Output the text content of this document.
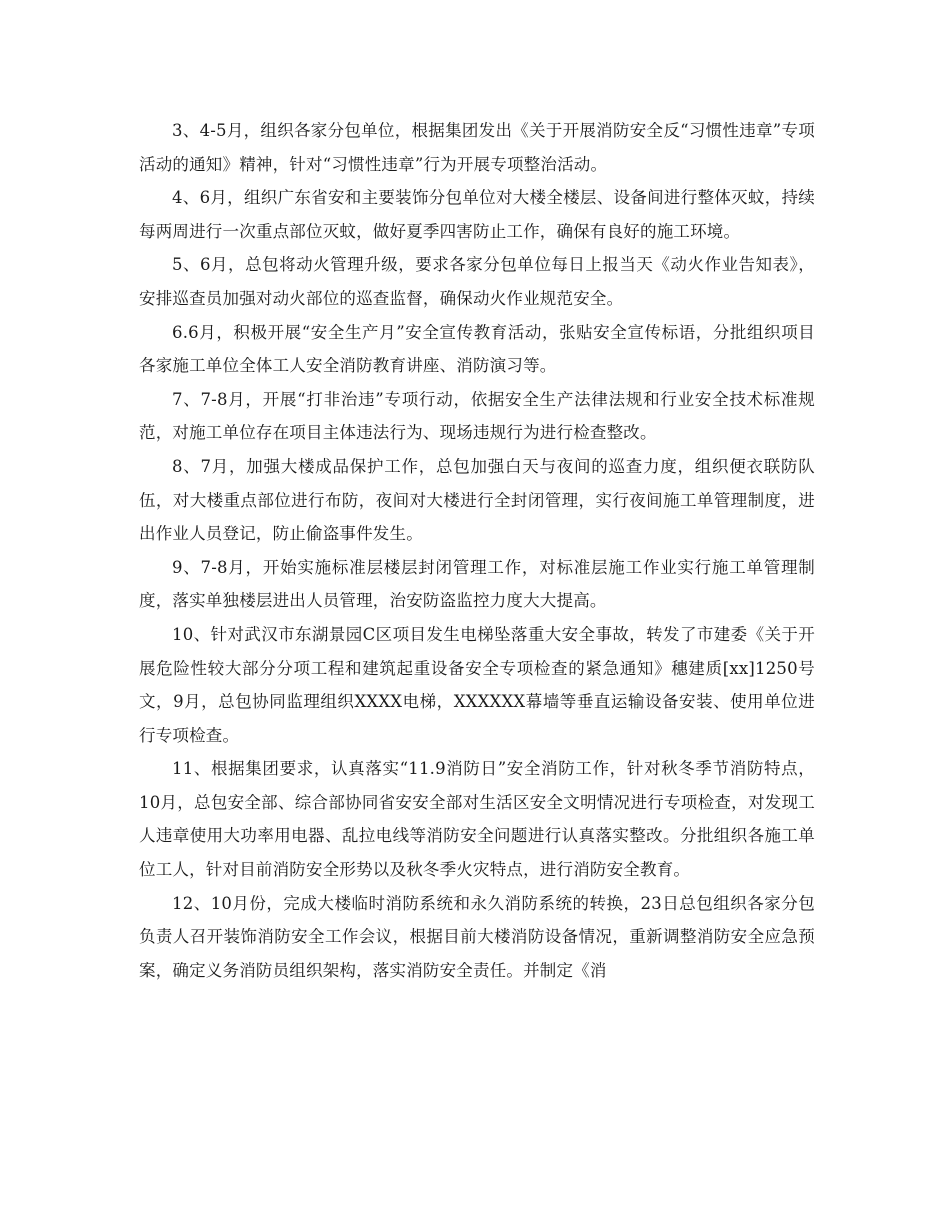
3、4-5月，组织各家分包单位，根据集团发出《关于开展消防安全反“习惯性违章”专项活动的通知》精神，针对“习惯性违章”行为开展专项整治活动。

4、6月，组织广东省安和主要装饰分包单位对大楼全楼层、设备间进行整体灭蚊，持续每两周进行一次重点部位灭蚊，做好夏季四害防止工作，确保有良好的施工环境。

5、6月，总包将动火管理升级，要求各家分包单位每日上报当天《动火作业告知表》，安排巡查员加强对动火部位的巡查监督，确保动火作业规范安全。

6.6月，积极开展“安全生产月”安全宣传教育活动，张贴安全宣传标语，分批组织项目各家施工单位全体工人安全消防教育讲座、消防演习等。

7、7-8月，开展“打非治违”专项行动，依据安全生产法律法规和行业安全技术标准规范，对施工单位存在项目主体违法行为、现场违规行为进行检查整改。

8、7月，加强大楼成品保护工作，总包加强白天与夜间的巡查力度，组织便衣联防队伍，对大楼重点部位进行布防，夜间对大楼进行全封闭管理，实行夜间施工单管理制度，进出作业人员登记，防止偷盗事件发生。

9、7-8月，开始实施标准层楼层封闭管理工作，对标准层施工作业实行施工单管理制度，落实单独楼层进出人员管理，治安防盗监控力度大大提高。

10、针对武汉市东湖景园C区项目发生电梯坠落重大安全事故，转发了市建委《关于开展危险性较大部分分项工程和建筑起重设备安全专项检查的紧急通知》穗建质[xx]1250号文，9月，总包协同监理组织XXXX电梯，XXXXXX幕墙等垂直运输设备安装、使用单位进行专项检查。

11、根据集团要求，认真落实“11.9消防日”安全消防工作，针对秋冬季节消防特点，10月，总包安全部、综合部协同省安安全部对生活区安全文明情况进行专项检查，对发现工人违章使用大功率用电器、乱拉电线等消防安全问题进行认真落实整改。分批组织各施工单位工人，针对目前消防安全形势以及秋冬季火灾特点，进行消防安全教育。

12、10月份，完成大楼临时消防系统和永久消防系统的转换，23日总包组织各家分包负责人召开装饰消防安全工作会议，根据目前大楼消防设备情况，重新调整消防安全应急预案，确定义务消防员组织架构，落实消防安全责任。并制定《消
